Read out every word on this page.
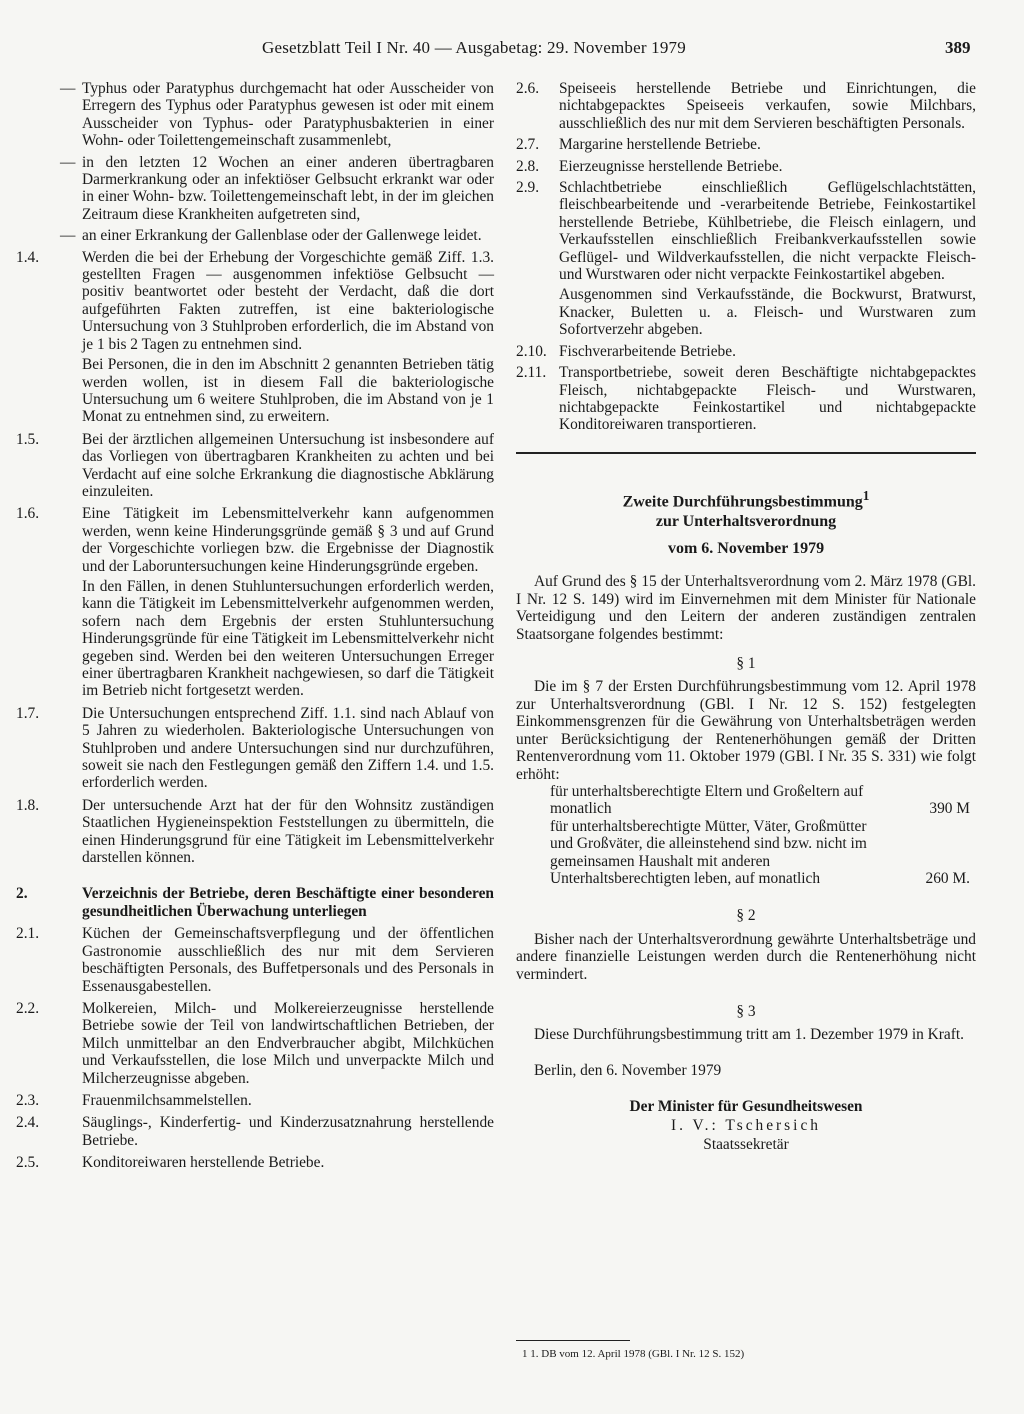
Gesetzblatt Teil I Nr. 40 — Ausgabetag: 29. November 1979	389
— Typhus oder Paratyphus durchgemacht hat oder Ausscheider von Erregern des Typhus oder Paratyphus gewesen ist oder mit einem Ausscheider von Typhus- oder Paratyphusbakterien in einer Wohn- oder Toilettengemeinschaft zusammenlebt,
— in den letzten 12 Wochen an einer anderen übertragbaren Darmerkrankung oder an infektiöser Gelbsucht erkrankt war oder in einer Wohn- bzw. Toilettengemeinschaft lebt, in der im gleichen Zeitraum diese Krankheiten aufgetreten sind,
— an einer Erkrankung der Gallenblase oder der Gallenwege leidet.
1.4.	Werden die bei der Erhebung der Vorgeschichte gemäß Ziff. 1.3. gestellten Fragen — ausgenommen infektiöse Gelbsucht — positiv beantwortet oder besteht der Verdacht, daß die dort aufgeführten Fakten zutreffen, ist eine bakteriologische Untersuchung von 3 Stuhlproben erforderlich, die im Abstand von je 1 bis 2 Tagen zu entnehmen sind.
Bei Personen, die in den im Abschnitt 2 genannten Betrieben tätig werden wollen, ist in diesem Fall die bakteriologische Untersuchung um 6 weitere Stuhlproben, die im Abstand von je 1 Monat zu entnehmen sind, zu erweitern.
1.5.	Bei der ärztlichen allgemeinen Untersuchung ist insbesondere auf das Vorliegen von übertragbaren Krankheiten zu achten und bei Verdacht auf eine solche Erkrankung die diagnostische Abklärung einzuleiten.
1.6.	Eine Tätigkeit im Lebensmittelverkehr kann aufgenommen werden, wenn keine Hinderungsgründe gemäß § 3 und auf Grund der Vorgeschichte vorliegen bzw. die Ergebnisse der Diagnostik und der Laboruntersuchungen keine Hinderungsgründe ergeben.
In den Fällen, in denen Stuhluntersuchungen erforderlich werden, kann die Tätigkeit im Lebensmittelverkehr aufgenommen werden, sofern nach dem Ergebnis der ersten Stuhluntersuchung Hinderungsgründe für eine Tätigkeit im Lebensmittelverkehr nicht gegeben sind. Werden bei den weiteren Untersuchungen Erreger einer übertragbaren Krankheit nachgewiesen, so darf die Tätigkeit im Betrieb nicht fortgesetzt werden.
1.7.	Die Untersuchungen entsprechend Ziff. 1.1. sind nach Ablauf von 5 Jahren zu wiederholen. Bakteriologische Untersuchungen von Stuhlproben und andere Untersuchungen sind nur durchzuführen, soweit sie nach den Festlegungen gemäß den Ziffern 1.4. und 1.5. erforderlich werden.
1.8.	Der untersuchende Arzt hat der für den Wohnsitz zuständigen Staatlichen Hygieneinspektion Feststellungen zu übermitteln, die einen Hinderungsgrund für eine Tätigkeit im Lebensmittelverkehr darstellen können.
2.	Verzeichnis der Betriebe, deren Beschäftigte einer besonderen gesundheitlichen Überwachung unterliegen
2.1.	Küchen der Gemeinschaftsverpflegung und der öffentlichen Gastronomie ausschließlich des nur mit dem Servieren beschäftigten Personals, des Buffetpersonals und des Personals in Essenausgabestellen.
2.2.	Molkereien, Milch- und Molkereierzeugnisse herstellende Betriebe sowie der Teil von landwirtschaftlichen Betrieben, der Milch unmittelbar an den Endverbraucher abgibt, Milchküchen und Verkaufsstellen, die lose Milch und unverpackte Milch und Milcherzeugnisse abgeben.
2.3.	Frauenmilchsammelstellen.
2.4.	Säuglings-, Kinderfertig- und Kinderzusatznahrung herstellende Betriebe.
2.5.	Konditoreiwaren herstellende Betriebe.
2.6. Speiseeis herstellende Betriebe und Einrichtungen, die nichtabgepacktes Speiseeis verkaufen, sowie Milchbars, ausschließlich des nur mit dem Servieren beschäftigten Personals.
2.7. Margarine herstellende Betriebe.
2.8. Eierzeugnisse herstellende Betriebe.
2.9. Schlachtbetriebe einschließlich Geflügelschlachtstätten, fleischbearbeitende und -verarbeitende Betriebe, Feinkostartikel herstellende Betriebe, Kühlbetriebe, die Fleisch einlagern, und Verkaufsstellen einschließlich Freibankverkaufsstellen sowie Geflügel- und Wildverkaufsstellen, die nicht verpackte Fleisch- und Wurstwaren oder nicht verpackte Feinkostartikel abgeben.
Ausgenommen sind Verkaufsstände, die Bockwurst, Bratwurst, Knacker, Buletten u. a. Fleisch- und Wurstwaren zum Sofortverzehr abgeben.
2.10. Fischverarbeitende Betriebe.
2.11. Transportbetriebe, soweit deren Beschäftigte nichtabgepacktes Fleisch, nichtabgepackte Fleisch- und Wurstwaren, nichtabgepackte Feinkostartikel und nichtabgepackte Konditoreiwaren transportieren.
Zweite Durchführungsbestimmung$^1$
zur Unterhaltsverordnung
vom 6. November 1979
Auf Grund des § 15 der Unterhaltsverordnung vom 2. März 1978 (GBl. I Nr. 12 S. 149) wird im Einvernehmen mit dem Minister für Nationale Verteidigung und den Leitern der anderen zuständigen zentralen Staatsorgane folgendes bestimmt:
§ 1
Die im § 7 der Ersten Durchführungsbestimmung vom 12. April 1978 zur Unterhaltsverordnung (GBl. I Nr. 12 S. 152) festgelegten Einkommensgrenzen für die Gewährung von Unterhaltsbeträgen werden unter Berücksichtigung der Rentenerhöhungen gemäß der Dritten Rentenverordnung vom 11. Oktober 1979 (GBl. I Nr. 35 S. 331) wie folgt erhöht:
für unterhaltsberechtigte Eltern und Großeltern auf monatlich	390 M
für unterhaltsberechtigte Mütter, Väter, Großmütter und Großväter, die alleinstehend sind bzw. nicht im gemeinsamen Haushalt mit anderen Unterhaltsberechtigten leben, auf monatlich	260 M.
§ 2
Bisher nach der Unterhaltsverordnung gewährte Unterhaltsbeträge und andere finanzielle Leistungen werden durch die Rentenerhöhung nicht vermindert.
§ 3
Diese Durchführungsbestimmung tritt am 1. Dezember 1979 in Kraft.
Berlin, den 6. November 1979
Der Minister für Gesundheitswesen
I. V.: Tschersich
Staatssekretär
1 1. DB vom 12. April 1978 (GBl. I Nr. 12 S. 152)
